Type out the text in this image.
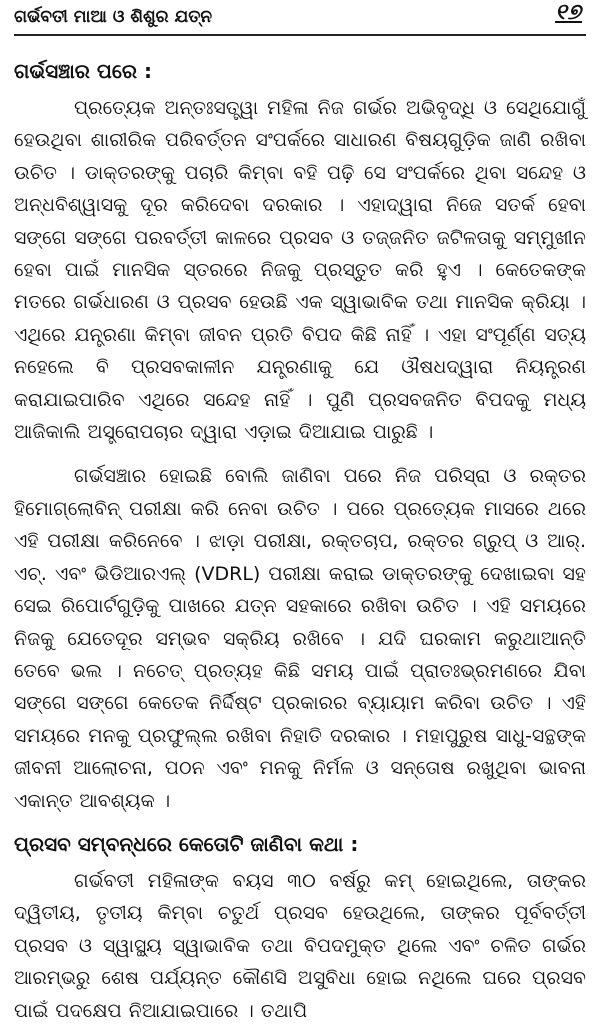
ଗର୍ଭବତୀ ମାଆ ଓ ଶିଶୁର ଯତ୍ନ	୧୭
ଗର୍ଭସଞ୍ଚାର ପରେ :

ପ୍ରତ୍ୟେକ ଅନ୍ତଃସତ୍ତ୍ୱା ମହିଳା ନିଜ ଗର୍ଭର ଅଭିବୃଦ୍ଧି ଓ ସେଥିଯୋଗୁଁ ହେଉଥିବା ଶାରୀରିକ ପରିବର୍ତ୍ତନ ସଂପର୍କରେ ସାଧାରଣ ବିଷୟଗୁଡ଼ିକ ଜାଣି ରଖିବା ଉଚିତ । ଡାକ୍ତରଙ୍କୁ ପଚାରି କିମ୍ବା ବହି ପଢ଼ି ସେ ସଂପର୍କରେ ଥିବା ସନ୍ଦେହ ଓ ଅନ୍ଧବିଶ୍ୱାସକୁ ଦୂର କରିଦେବା ଦରକାର । ଏହାଦ୍ୱାରା ନିଜେ ସତର୍କ ହେବା ସଙ୍ଗେ ସଙ୍ଗେ ପରବର୍ତ୍ତୀ କାଳରେ ପ୍ରସବ ଓ ତଜ୍ଜନିତ ଜଟିଳତାକୁ ସମ୍ମୁଖୀନ ହେବା ପାଇଁ ମାନସିକ ସ୍ତରରେ ନିଜକୁ ପ୍ରସ୍ତୁତ କରି ହୁଏ । କେତେକଙ୍କ ମତରେ ଗର୍ଭଧାରଣ ଓ ପ୍ରସବ ହେଉଛି ଏକ ସ୍ୱାଭାବିକ ତଥା ମାନସିକ କ୍ରିୟା । ଏଥିରେ ଯନ୍ତ୍ରଣା କିମ୍ବା ଜୀବନ ପ୍ରତି ବିପଦ କିଛି ନାହିଁ । ଏହା ସଂପୂର୍ଣ୍ଣ ସତ୍ୟ ନହେଲେ ବି ପ୍ରସବକାଳୀନ ଯନ୍ତ୍ରଣାକୁ ଯେ ଔଷଧଦ୍ୱାରା ନିୟନ୍ତ୍ରଣ କରାଯାଇପାରିବ ଏଥିରେ ସନ୍ଦେହ ନାହିଁ । ପୁଣି ପ୍ରସବଜନିତ ବିପଦକୁ ମଧ୍ୟ ଆଜିକାଲି ଅସ୍ତ୍ରୋପଚାର ଦ୍ୱାରା ଏଡ଼ାଇ ଦିଆଯାଇ ପାରୁଛି ।

ଗର୍ଭସଞ୍ଚାର ହୋଇଛି ବୋଲି ଜାଣିବା ପରେ ନିଜ ପରିସ୍ରା ଓ ରକ୍ତର ହିମୋଗ୍ଲୋବିନ୍ ପରୀକ୍ଷା କରି ନେବା ଉଚିତ । ପରେ ପ୍ରତ୍ୟେକ ମାସରେ ଥରେ ଏହି ପରୀକ୍ଷା କରିନେବେ । ଝାଡ଼ା ପରୀକ୍ଷା, ରକ୍ତଚାପ, ରକ୍ତର ଗ୍ରୁପ୍ ଓ ଆର୍. ଏଚ୍. ଏବଂ ଭିଡିଆରଏଲ୍ (VDRL) ପରୀକ୍ଷା କରାଇ ଡାକ୍ତରଙ୍କୁ ଦେଖାଇବା ସହ ସେଇ ରିପୋର୍ଟଗୁଡ଼ିକୁ ପାଖରେ ଯତ୍ନ ସହକାରେ ରଖିବା ଉଚିତ । ଏହି ସମୟରେ ନିଜକୁ ଯେତେଦୂର ସମ୍ଭବ ସକ୍ରିୟ ରଖିବେ । ଯଦି ଘରକାମ କରୁଥାଆନ୍ତି ତେବେ ଭଲ । ନଚେତ୍ ପ୍ରତ୍ୟହ କିଛି ସମୟ ପାଇଁ ପ୍ରାତଃଭ୍ରମଣରେ ଯିବା ସଙ୍ଗେ ସଙ୍ଗେ କେତେକ ନିର୍ଦ୍ଦିଷ୍ଟ ପ୍ରକାରର ବ୍ୟାୟାମ କରିବା ଉଚିତ । ଏହି ସମୟରେ ମନକୁ ପ୍ରଫୁଲ୍ଲ ରଖିବା ନିହାତି ଦରକାର । ମହାପୁରୁଷ ସାଧୁ-ସନ୍ଥଙ୍କ ଜୀବନୀ ଆଲୋଚନା, ପଠନ ଏବଂ ମନକୁ ନିର୍ମଳ ଓ ସନ୍ତୋଷ ରଖୁଥିବା ଭାବନା ଏକାନ୍ତ ଆବଶ୍ୟକ ।

ପ୍ରସବ ସମ୍ବନ୍ଧରେ କେତୋଟି ଜାଣିବା କଥା :

ଗର୍ଭବତୀ ମହିଳାଙ୍କ ବୟସ ୩୦ ବର୍ଷରୁ କମ୍ ହୋଇଥିଲେ, ତାଙ୍କର ଦ୍ୱିତୀୟ, ତୃତୀୟ କିମ୍ବା ଚତୁର୍ଥ ପ୍ରସବ ହେଉଥିଲେ, ତାଙ୍କର ପୂର୍ବବର୍ତ୍ତୀ ପ୍ରସବ ଓ ସ୍ୱାସ୍ଥ୍ୟ ସ୍ୱାଭାବିକ ତଥା ବିପଦମୁକ୍ତ ଥିଲେ ଏବଂ ଚଳିତ ଗର୍ଭର ଆରମ୍ଭରୁ ଶେଷ ପର୍ଯ୍ୟନ୍ତ କୌଣସି ଅସୁବିଧା ହୋଇ ନଥିଲେ ଘରେ ପ୍ରସବ ପାଇଁ ପଦକ୍ଷେପ ନିଆଯାଇପାରେ । ତଥାପି
